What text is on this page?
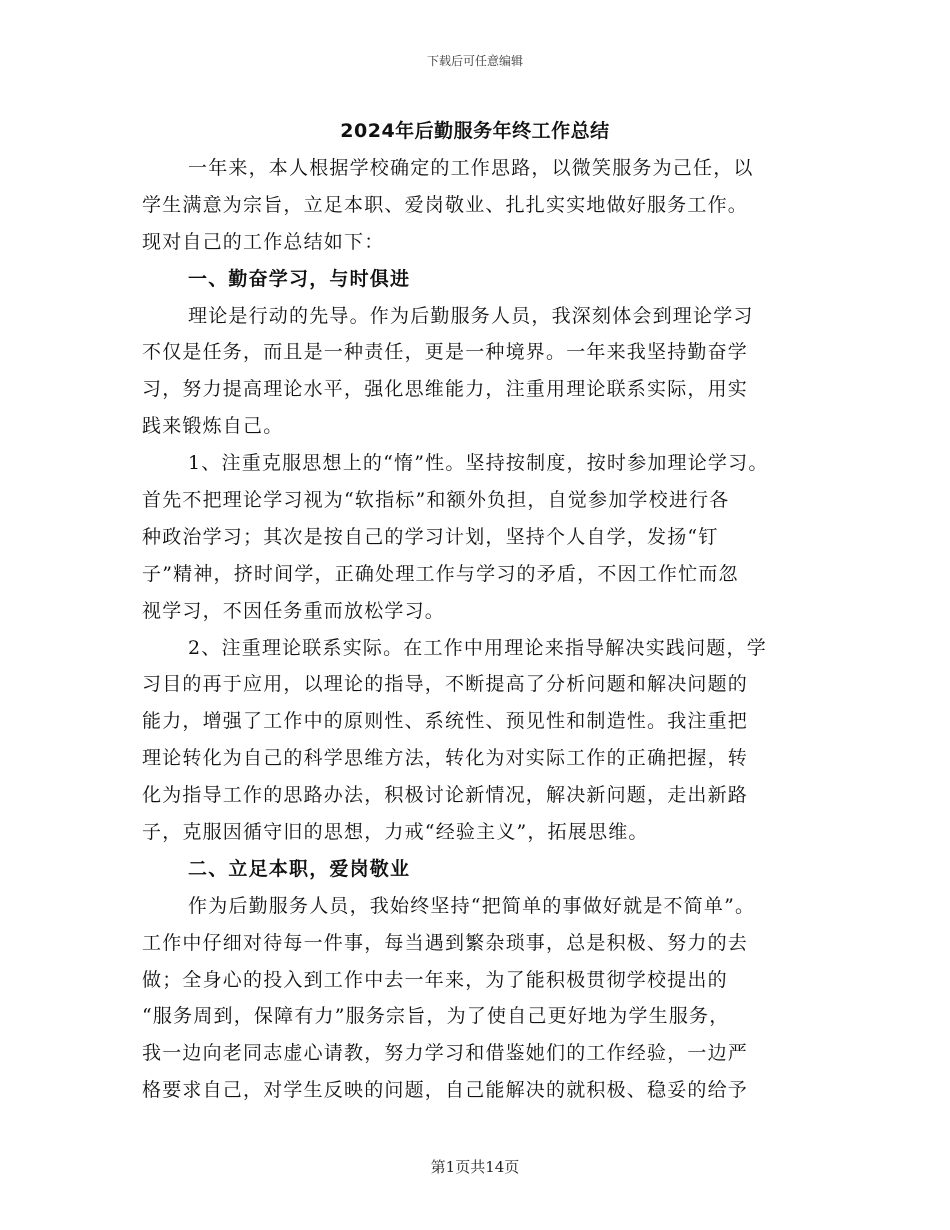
下载后可任意编辑
2024年后勤服务年终工作总结
一年来，本人根据学校确定的工作思路，以微笑服务为己任，以
学生满意为宗旨，立足本职、爱岗敬业、扎扎实实地做好服务工作。
现对自己的工作总结如下：
一、勤奋学习，与时俱进
理论是行动的先导。作为后勤服务人员，我深刻体会到理论学习
不仅是任务，而且是一种责任，更是一种境界。一年来我坚持勤奋学
习，努力提高理论水平，强化思维能力，注重用理论联系实际，用实
践来锻炼自己。
1、注重克服思想上的“惰”性。坚持按制度，按时参加理论学习。
首先不把理论学习视为“软指标”和额外负担，自觉参加学校进行各
种政治学习；其次是按自己的学习计划，坚持个人自学，发扬“钉
子”精神，挤时间学，正确处理工作与学习的矛盾，不因工作忙而忽
视学习，不因任务重而放松学习。
2、注重理论联系实际。在工作中用理论来指导解决实践问题，学
习目的再于应用，以理论的指导，不断提高了分析问题和解决问题的
能力，增强了工作中的原则性、系统性、预见性和制造性。我注重把
理论转化为自己的科学思维方法，转化为对实际工作的正确把握，转
化为指导工作的思路办法，积极讨论新情况，解决新问题，走出新路
子，克服因循守旧的思想，力戒“经验主义”，拓展思维。
二、立足本职，爱岗敬业
作为后勤服务人员，我始终坚持“把简单的事做好就是不简单”。
工作中仔细对待每一件事，每当遇到繁杂琐事，总是积极、努力的去
做；全身心的投入到工作中去一年来，为了能积极贯彻学校提出的
“服务周到，保障有力”服务宗旨，为了使自己更好地为学生服务，
我一边向老同志虚心请教，努力学习和借鉴她们的工作经验，一边严
格要求自己，对学生反映的问题，自己能解决的就积极、稳妥的给予
第1页共14页
